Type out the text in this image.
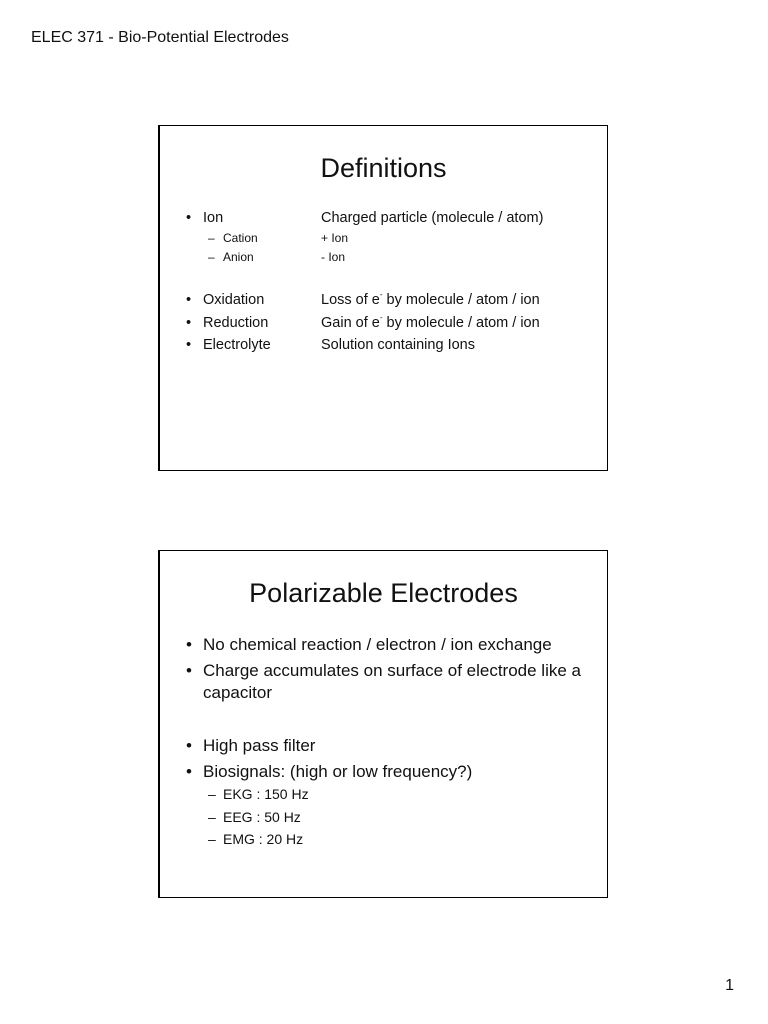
ELEC 371 - Bio-Potential Electrodes
Definitions
• Ion	Charged particle (molecule / atom)
– Cation	+ Ion
– Anion	- Ion
• Oxidation	Loss of e- by molecule / atom / ion
• Reduction	Gain of e- by molecule / atom / ion
• Electrolyte	Solution containing Ions
Polarizable Electrodes
• No chemical reaction / electron / ion exchange
• Charge accumulates on surface of electrode like a capacitor
• High pass filter
• Biosignals: (high or low frequency?)
– EKG : 150 Hz
– EEG : 50 Hz
– EMG : 20 Hz
1
